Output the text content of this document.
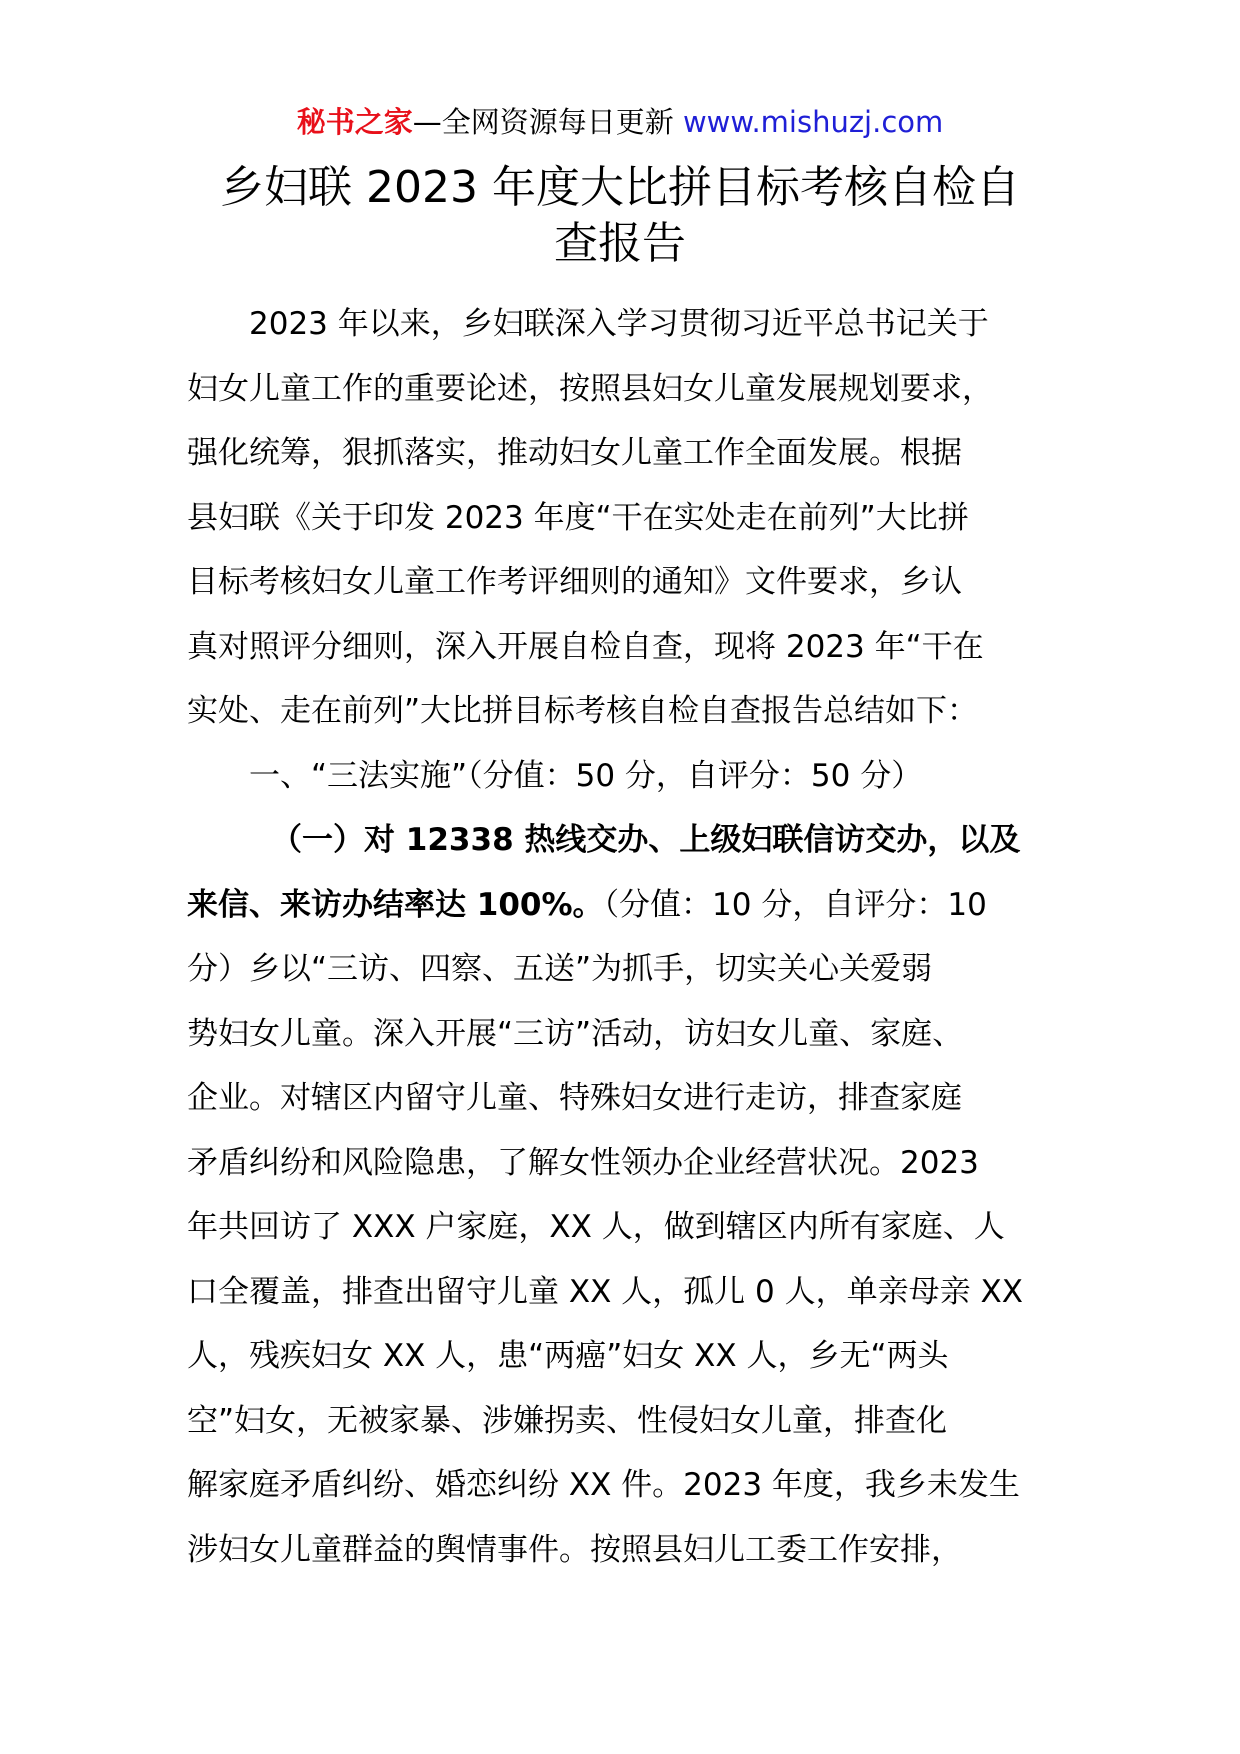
秘书之家—全网资源每日更新 www.mishuzj.com
乡妇联 2023 年度大比拼目标考核自检自
查报告
2023 年以来，乡妇联深入学习贯彻习近平总书记关于
妇女儿童工作的重要论述，按照县妇女儿童发展规划要求，
强化统筹，狠抓落实，推动妇女儿童工作全面发展。根据
县妇联《关于印发 2023 年度“干在实处走在前列”大比拼
目标考核妇女儿童工作考评细则的通知》文件要求，乡认
真对照评分细则，深入开展自检自查，现将 2023 年“干在
实处、走在前列”大比拼目标考核自检自查报告总结如下：
一、“三法实施”（分值：50 分，自评分：50 分）
（一）对 12338 热线交办、上级妇联信访交办，以及
来信、来访办结率达 100%。（分值：10 分，自评分：10
分）乡以“三访、四察、五送”为抓手，切实关心关爱弱
势妇女儿童。深入开展“三访”活动，访妇女儿童、家庭、
企业。对辖区内留守儿童、特殊妇女进行走访，排查家庭
矛盾纠纷和风险隐患，了解女性领办企业经营状况。2023
年共回访了 XXX 户家庭，XX 人，做到辖区内所有家庭、人
口全覆盖，排查出留守儿童 XX 人，孤儿 0 人，单亲母亲 XX
人，残疾妇女 XX 人，患“两癌”妇女 XX 人，乡无“两头
空”妇女，无被家暴、涉嫌拐卖、性侵妇女儿童，排查化
解家庭矛盾纠纷、婚恋纠纷 XX 件。2023 年度，我乡未发生
涉妇女儿童群益的舆情事件。按照县妇儿工委工作安排，
